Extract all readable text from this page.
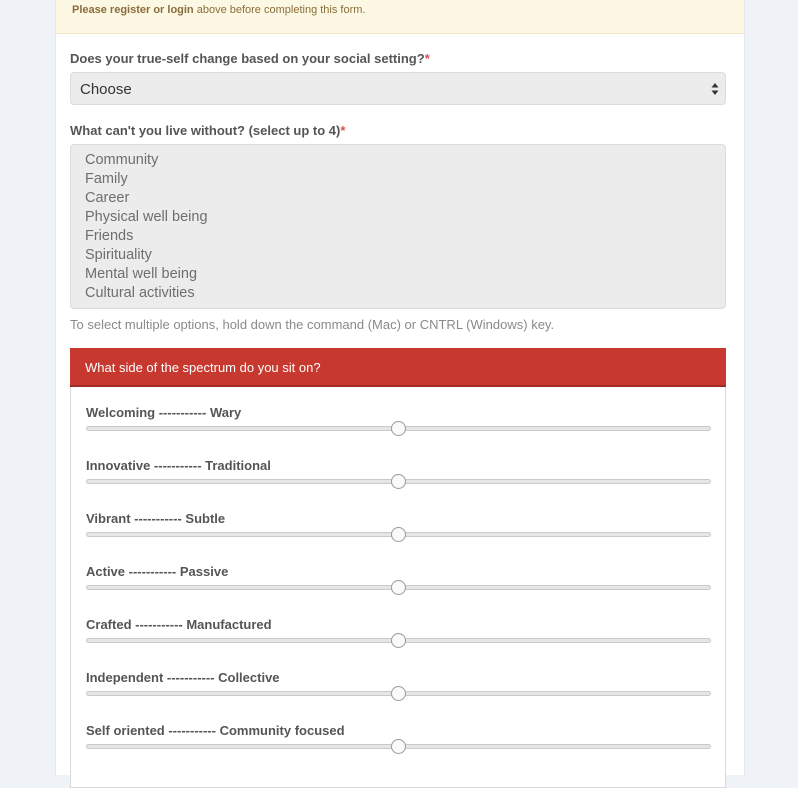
Please register or login above before completing this form.
Does your true-self change based on your social setting?*
Choose
What can't you live without? (select up to 4)*
Community
Family
Career
Physical well being
Friends
Spirituality
Mental well being
Cultural activities
To select multiple options, hold down the command (Mac) or CNTRL (Windows) key.
What side of the spectrum do you sit on?
Welcoming ----------- Wary
Innovative ----------- Traditional
Vibrant ----------- Subtle
Active ----------- Passive
Crafted ----------- Manufactured
Independent ----------- Collective
Self oriented ----------- Community focused
